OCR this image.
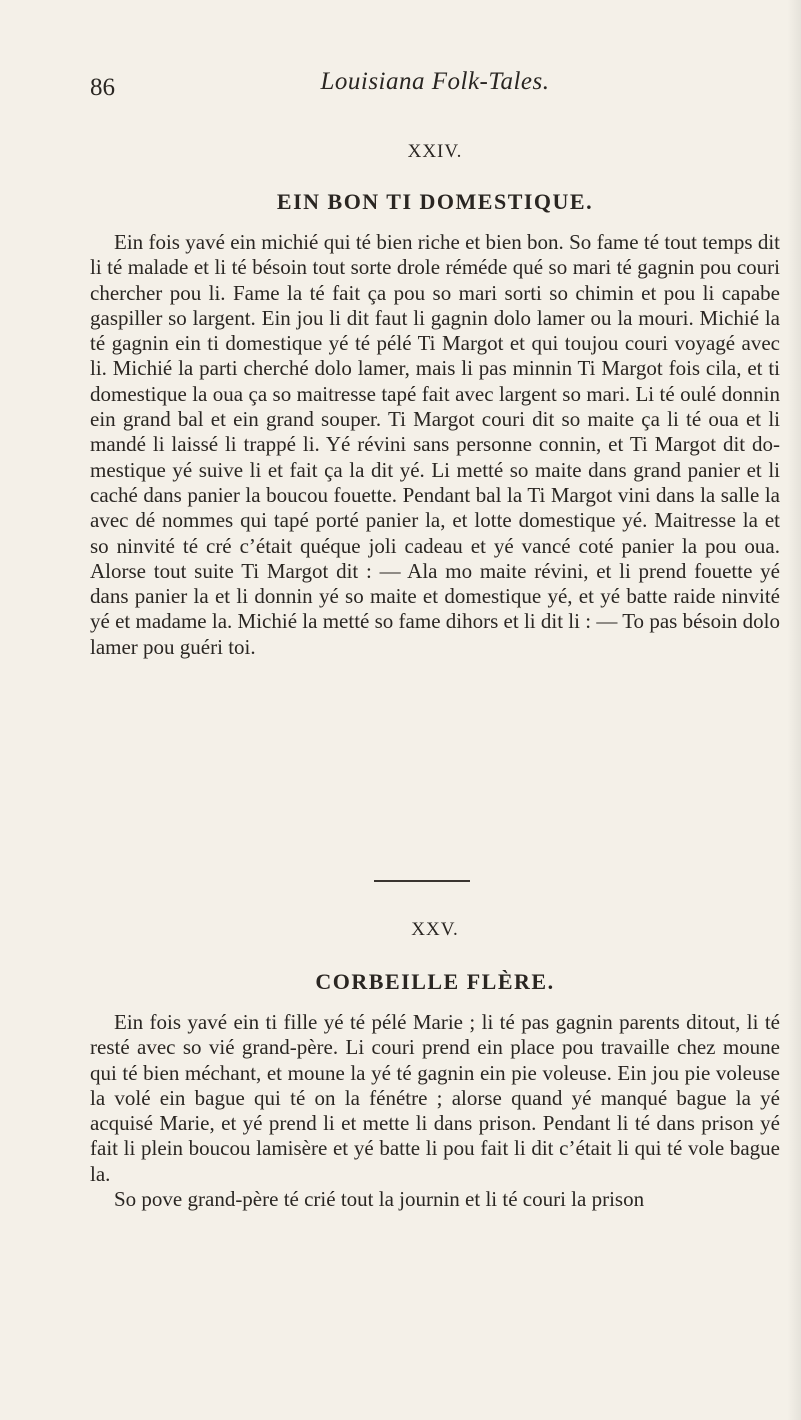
86	Louisiana Folk-Tales.

XXIV.

EIN BON TI DOMESTIQUE.

Ein fois yavé ein michié qui té bien riche et bien bon. So fame té tout temps dit li té malade et li té bésoin tout sorte drole réméde qué so mari té gagnin pou couri chercher pou li. Fame la té fait ça pou so mari sorti so chimin et pou li capabe gaspiller so largent. Ein jou li dit faut li gagnin dolo lamer ou la mouri. Michié la té gagnin ein ti domestique yé té pélé Ti Margot et qui toujou couri voyagé avec li. Michié la parti cherché dolo lamer, mais li pas minnin Ti Margot fois cila, et ti domestique la oua ça so maitresse tapé fait avec largent so mari. Li té oulé donnin ein grand bal et ein grand souper. Ti Margot couri dit so maite ça li té oua et li mandé li laissé li trappé li. Yé révini sans personne connin, et Ti Margot dit do-mestique yé suive li et fait ça la dit yé. Li metté so maite dans grand panier et li caché dans panier la boucou fouette. Pendant bal la Ti Margot vini dans la salle la avec dé nommes qui tapé porté panier la, et lotte domestique yé. Maitresse la et so ninvité té cré c’était quéque joli cadeau et yé vancé coté panier la pou oua. Alorse tout suite Ti Margot dit : — Ala mo maite révini, et li prend fouette yé dans panier la et li donnin yé so maite et domestique yé, et yé batte raide ninvité yé et madame la. Michié la metté so fame dihors et li dit li : — To pas bésoin dolo lamer pou guéri toi.

XXV.

CORBEILLE FLÈRE.

Ein fois yavé ein ti fille yé té pélé Marie ; li té pas gagnin parents ditout, li té resté avec so vié grand-père. Li couri prend ein place pou travaille chez moune qui té bien méchant, et moune la yé té gagnin ein pie voleuse. Ein jou pie voleuse la volé ein bague qui té on la fénétre ; alorse quand yé manqué bague la yé acquisé Marie, et yé prend li et mette li dans prison. Pendant li té dans prison yé fait li plein boucou lamisère et yé batte li pou fait li dit c’était li qui té vole bague la.

So pove grand-père té crié tout la journin et li té couri la prison
